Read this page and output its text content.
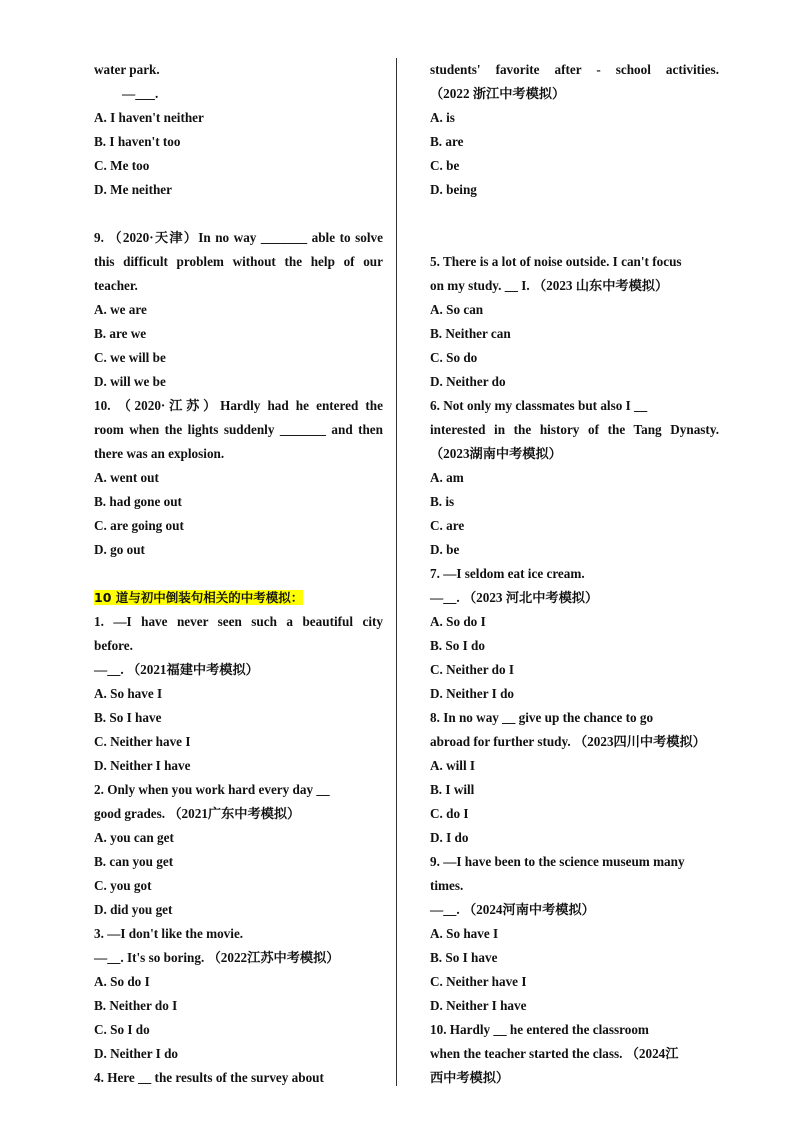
water park.
—___.
A. I haven't neither
B. I haven't too
C. Me too
D. Me neither
9. （2020·天津）In no way _______ able to solve
this difficult problem without the help of our
teacher.
A. we are
B. are we
C. we will be
D. will we be
10. （2020·江苏）Hardly had he entered the
room when the lights suddenly _______ and then
there was an explosion.
A. went out
B. had gone out
C. are going out
D. go out
10 道与初中倒装句相关的中考模拟：
1. —I have never seen such a beautiful city
before.
—__. （2021福建中考模拟）
A. So have I
B. So I have
C. Neither have I
D. Neither I have
2. Only when you work hard every day __
good grades. （2021广东中考模拟）
A. you can get
B. can you get
C. you got
D. did you get
3. —I don't like the movie.
—__. It's so boring. （2022江苏中考模拟）
A. So do I
B. Neither do I
C. So I do
D. Neither I do
4. Here __ the results of the survey about
students' favorite after - school activities.
（2022 浙江中考模拟）
A. is
B. are
C. be
D. being
5. There is a lot of noise outside. I can't focus
on my study. __ I. （2023 山东中考模拟）
A. So can
B. Neither can
C. So do
D. Neither do
6. Not only my classmates but also I __
interested in the history of the Tang Dynasty.
（2023湖南中考模拟）
A. am
B. is
C. are
D. be
7. —I seldom eat ice cream.
—__. （2023 河北中考模拟）
A. So do I
B. So I do
C. Neither do I
D. Neither I do
8. In no way __ give up the chance to go
abroad for further study. （2023四川中考模拟）
A. will I
B. I will
C. do I
D. I do
9. —I have been to the science museum many
times.
—__. （2024河南中考模拟）
A. So have I
B. So I have
C. Neither have I
D. Neither I have
10. Hardly __ he entered the classroom
when the teacher started the class. （2024江
西中考模拟）
